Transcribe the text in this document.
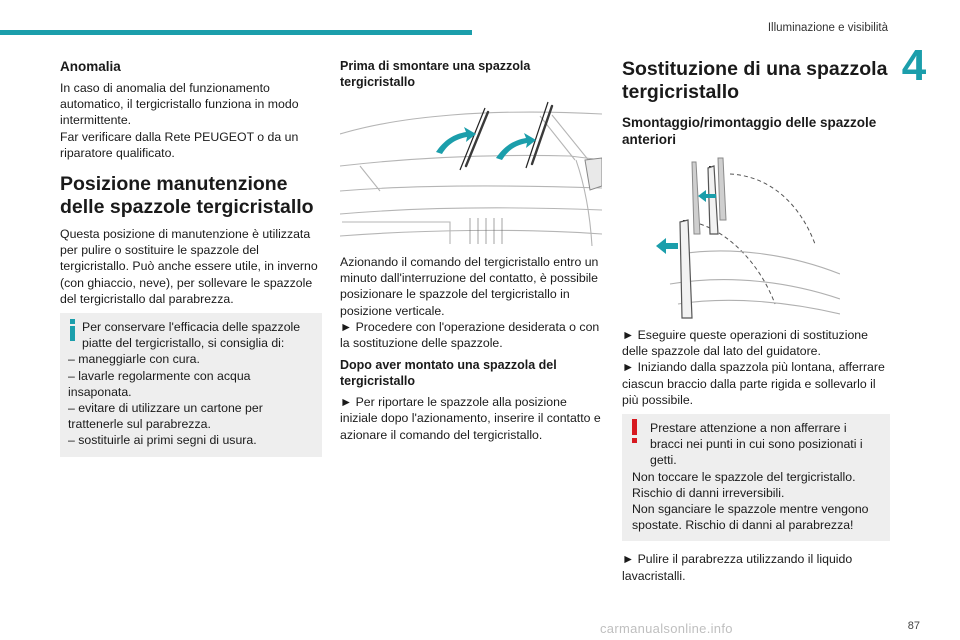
Illuminazione e visibilità
4
Anomalia

In caso di anomalia del funzionamento automatico, il tergicristallo funziona in modo intermittente.

Far verificare dalla Rete PEUGEOT o da un riparatore qualificato.

Posizione manutenzione delle spazzole tergicristallo

Questa posizione di manutenzione è utilizzata per pulire o sostituire le spazzole del tergicristallo. Può anche essere utile, in inverno (con ghiaccio, neve), per sollevare le spazzole del tergicristallo dal parabrezza.

Per conservare l'efficacia delle spazzole piatte del tergicristallo, si consiglia di:
– maneggiarle con cura.
– lavarle regolarmente con acqua insaponata.
– evitare di utilizzare un cartone per trattenerle sul parabrezza.
– sostituirle ai primi segni di usura.
Prima di smontare una spazzola tergicristallo

Azionando il comando del tergicristallo entro un minuto dall'interruzione del contatto, è possibile posizionare le spazzole del tergicristallo in posizione verticale.

► Procedere con l'operazione desiderata o con la sostituzione delle spazzole.

Dopo aver montato una spazzola del tergicristallo

► Per riportare le spazzole alla posizione iniziale dopo l'azionamento, inserire il contatto e azionare il comando del tergicristallo.

Sostituzione di una spazzola tergicristallo
Smontaggio/rimontaggio delle spazzole anteriori

► Eseguire queste operazioni di sostituzione delle spazzole dal lato del guidatore.

► Iniziando dalla spazzola più lontana, afferrare ciascun braccio dalla parte rigida e sollevarlo il più possibile.

Prestare attenzione a non afferrare i bracci nei punti in cui sono posizionati i getti.
Non toccare le spazzole del tergicristallo.
Rischio di danni irreversibili.
Non sganciare le spazzole mentre vengono spostate. Rischio di danni al parabrezza!

► Pulire il parabrezza utilizzando il liquido lavacristalli.

carmanualsonline.info	87
